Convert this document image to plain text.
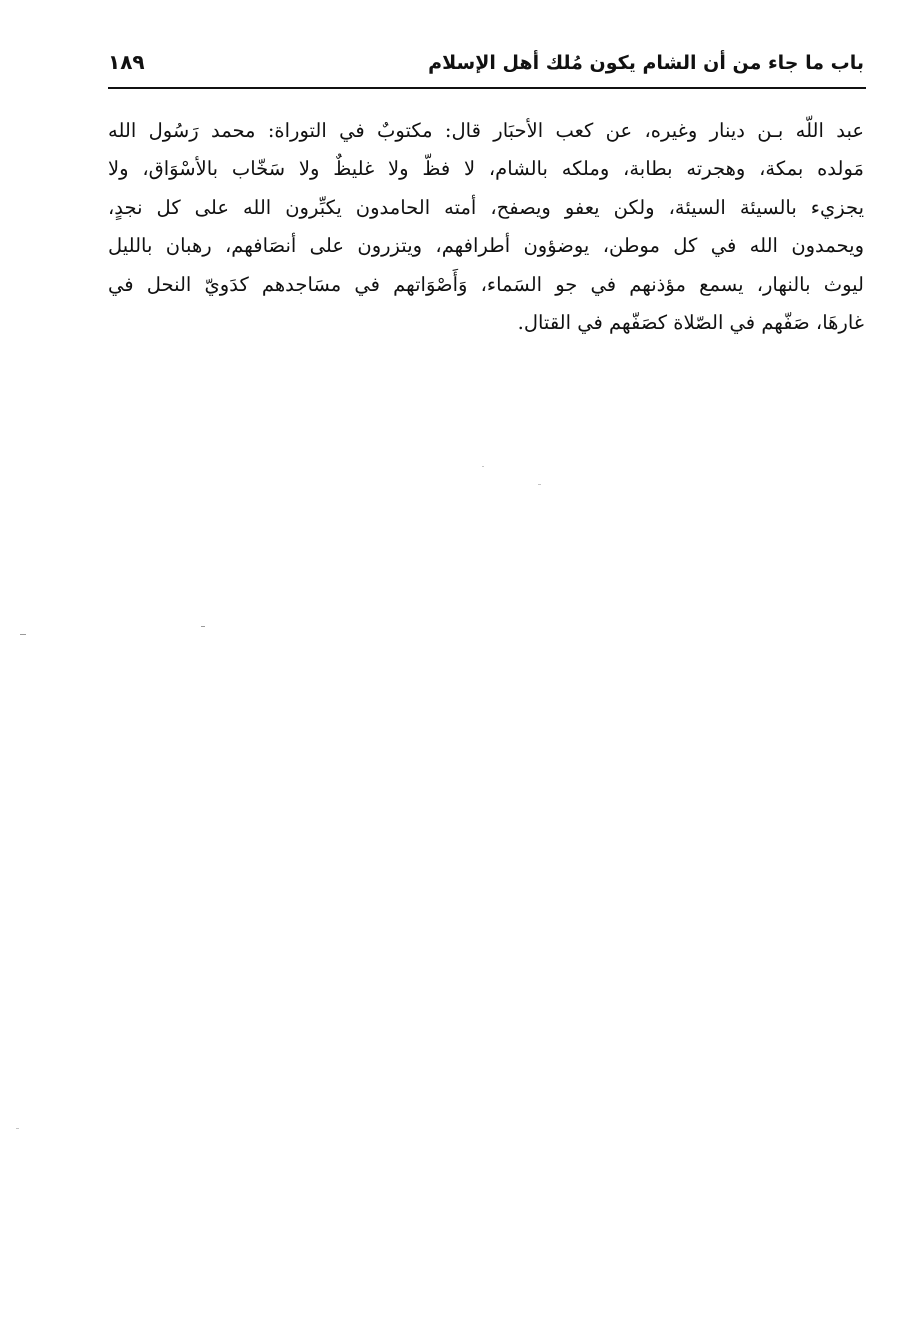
باب ما جاء من أن الشام يكون مُلك أهل الإسلام
١٨٩
عبد اللّه بـن دينار وغيره، عن كعب الأحبَار قال: مكتوبٌ في التوراة: محمد رَسُول الله
مَولده بمكة، وهجرته بطابة، وملكه بالشام، لا فظّ ولا غليظٌ ولا سَخّاب بالأسْوَاق، ولا
يجزيء بالسيئة السيئة، ولكن يعفو ويصفح، أمته الحامدون يكبِّرون الله على كل نجدٍ،
ويحمدون الله في كل موطن، يوضؤون أطرافهم، ويتزرون على أنصَافهم، رهبان بالليل
ليوث بالنهار، يسمع مؤذنهم في جو السَماء، وَأَصْوَاتهم في مسَاجدهم كدَويّ النحل في
غارهَا، صَفّهم في الصّلاة كصَفّهم في القتال.
